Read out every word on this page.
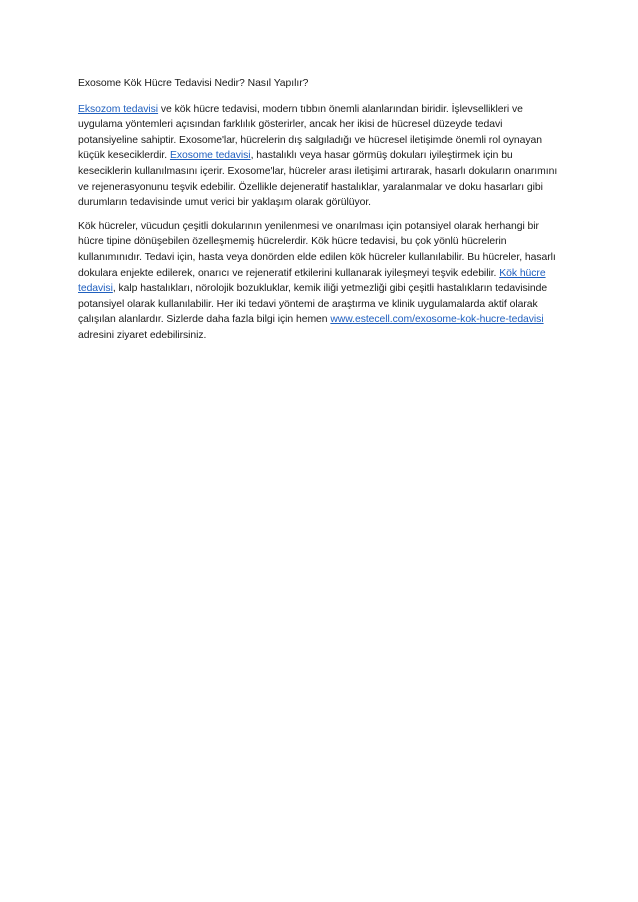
Exosome Kök Hücre Tedavisi Nedir? Nasıl Yapılır?

Eksozom tedavisi ve kök hücre tedavisi, modern tıbbın önemli alanlarından biridir. İşlevsellikleri ve uygulama yöntemleri açısından farklılık gösterirler, ancak her ikisi de hücresel düzeyde tedavi potansiyeline sahiptir. Exosome'lar, hücrelerin dış salgıladığı ve hücresel iletişimde önemli rol oynayan küçük keseciklerdir. Exosome tedavisi, hastalıklı veya hasar görmüş dokuları iyileştirmek için bu keseciklerin kullanılmasını içerir. Exosome'lar, hücreler arası iletişimi artırarak, hasarlı dokuların onarımını ve rejenerasyonunu teşvik edebilir. Özellikle dejeneratif hastalıklar, yaralanmalar ve doku hasarları gibi durumların tedavisinde umut verici bir yaklaşım olarak görülüyor.

Kök hücreler, vücudun çeşitli dokularının yenilenmesi ve onarılması için potansiyel olarak herhangi bir hücre tipine dönüşebilen özelleşmemiş hücrelerdir. Kök hücre tedavisi, bu çok yönlü hücrelerin kullanımınıdır. Tedavi için, hasta veya donörden elde edilen kök hücreler kullanılabilir. Bu hücreler, hasarlı dokulara enjekte edilerek, onarıcı ve rejeneratif etkilerini kullanarak iyileşmeyi teşvik edebilir. Kök hücre tedavisi, kalp hastalıkları, nörolojik bozukluklar, kemik iliği yetmezliği gibi çeşitli hastalıkların tedavisinde potansiyel olarak kullanılabilir. Her iki tedavi yöntemi de araştırma ve klinik uygulamalarda aktif olarak çalışılan alanlardır. Sizlerde daha fazla bilgi için hemen www.estecell.com/exosome-kok-hucre-tedavisi adresini ziyaret edebilirsiniz.
